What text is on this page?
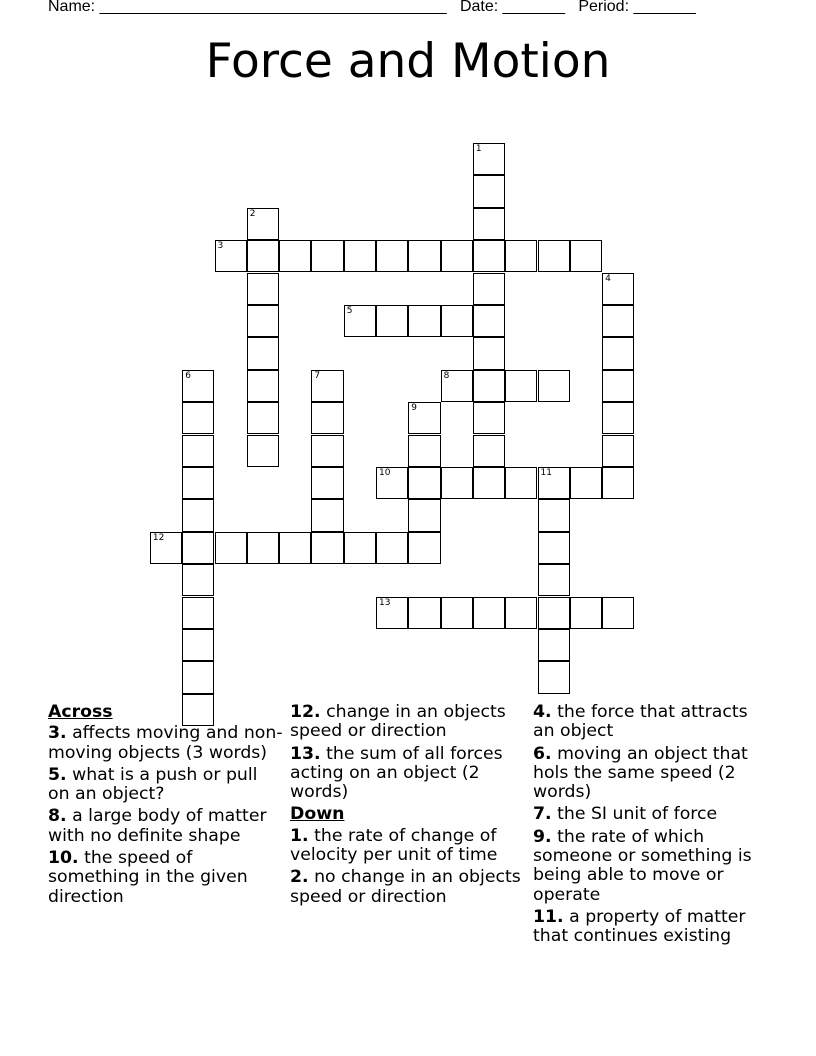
Name: _______________________________________ Date: _______ Period: _______
Force and Motion
1
2
3
4
5
6	7	8
9
10	11
12
13
Across
3. affects moving and non-moving objects (3 words)
5. what is a push or pull on an object?
8. a large body of matter with no definite shape
10. the speed of something in the given direction
12. change in an objects speed or direction
13. the sum of all forces acting on an object (2 words)
Down
1. the rate of change of velocity per unit of time
2. no change in an objects speed or direction
4. the force that attracts an object
6. moving an object that hols the same speed (2 words)
7. the SI unit of force
9. the rate of which someone or something is being able to move or operate
11. a property of matter that continues existing
